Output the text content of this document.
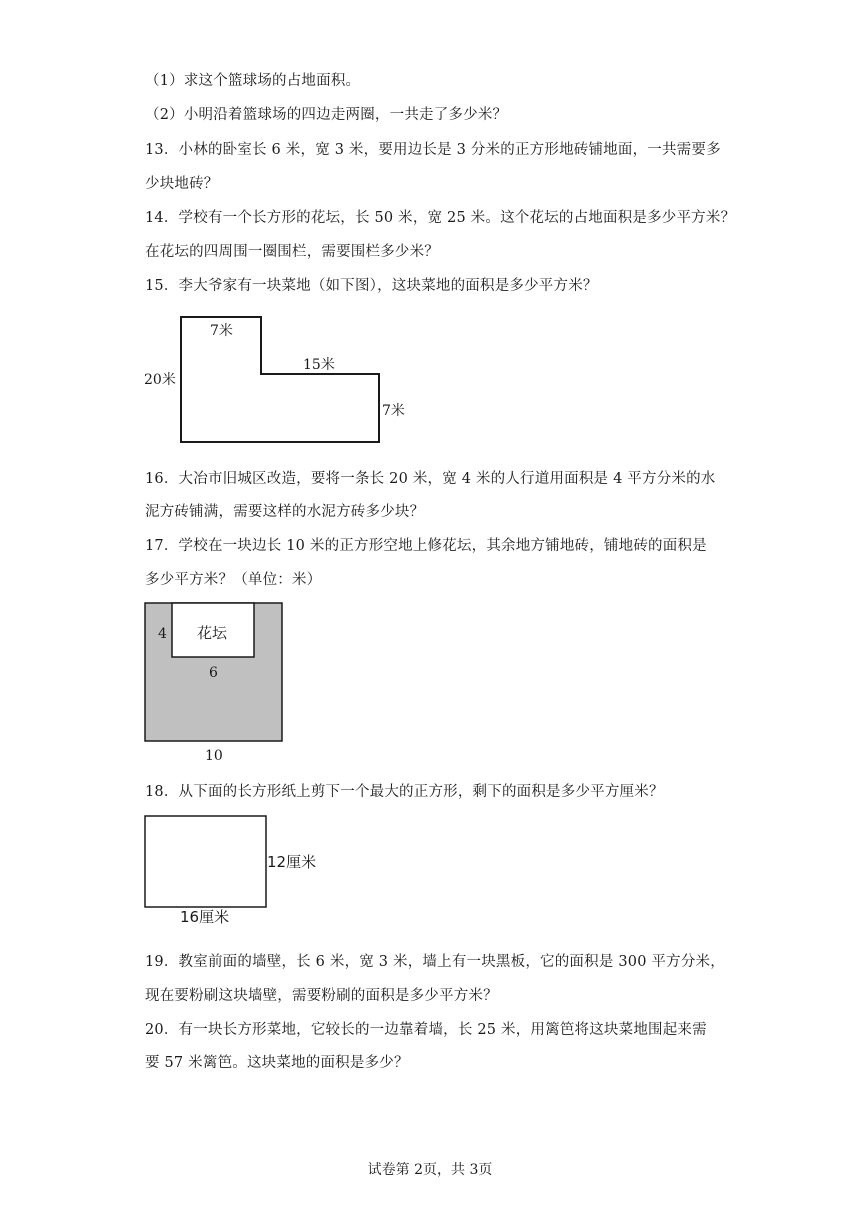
（1）求这个篮球场的占地面积。
（2）小明沿着篮球场的四边走两圈，一共走了多少米？
13．小林的卧室长 6 米，宽 3 米，要用边长是 3 分米的正方形地砖铺地面，一共需要多
少块地砖？
14．学校有一个长方形的花坛，长 50 米，宽 25 米。这个花坛的占地面积是多少平方米？
在花坛的四周围一圈围栏，需要围栏多少米？
15．李大爷家有一块菜地（如下图），这块菜地的面积是多少平方米？
7米
20米
15米
7米
16．大冶市旧城区改造，要将一条长 20 米，宽 4 米的人行道用面积是 4 平方分米的水
泥方砖铺满，需要这样的水泥方砖多少块？
17．学校在一块边长 10 米的正方形空地上修花坛，其余地方铺地砖，铺地砖的面积是
多少平方米？（单位：米）
花坛
4
6
10
18．从下面的长方形纸上剪下一个最大的正方形，剩下的面积是多少平方厘米？
12厘米
16厘米
19．教室前面的墙壁，长 6 米，宽 3 米，墙上有一块黑板，它的面积是 300 平方分米，
现在要粉刷这块墙壁，需要粉刷的面积是多少平方米？
20．有一块长方形菜地，它较长的一边靠着墙，长 25 米，用篱笆将这块菜地围起来需
要 57 米篱笆。这块菜地的面积是多少？
试卷第 2页，共 3页
